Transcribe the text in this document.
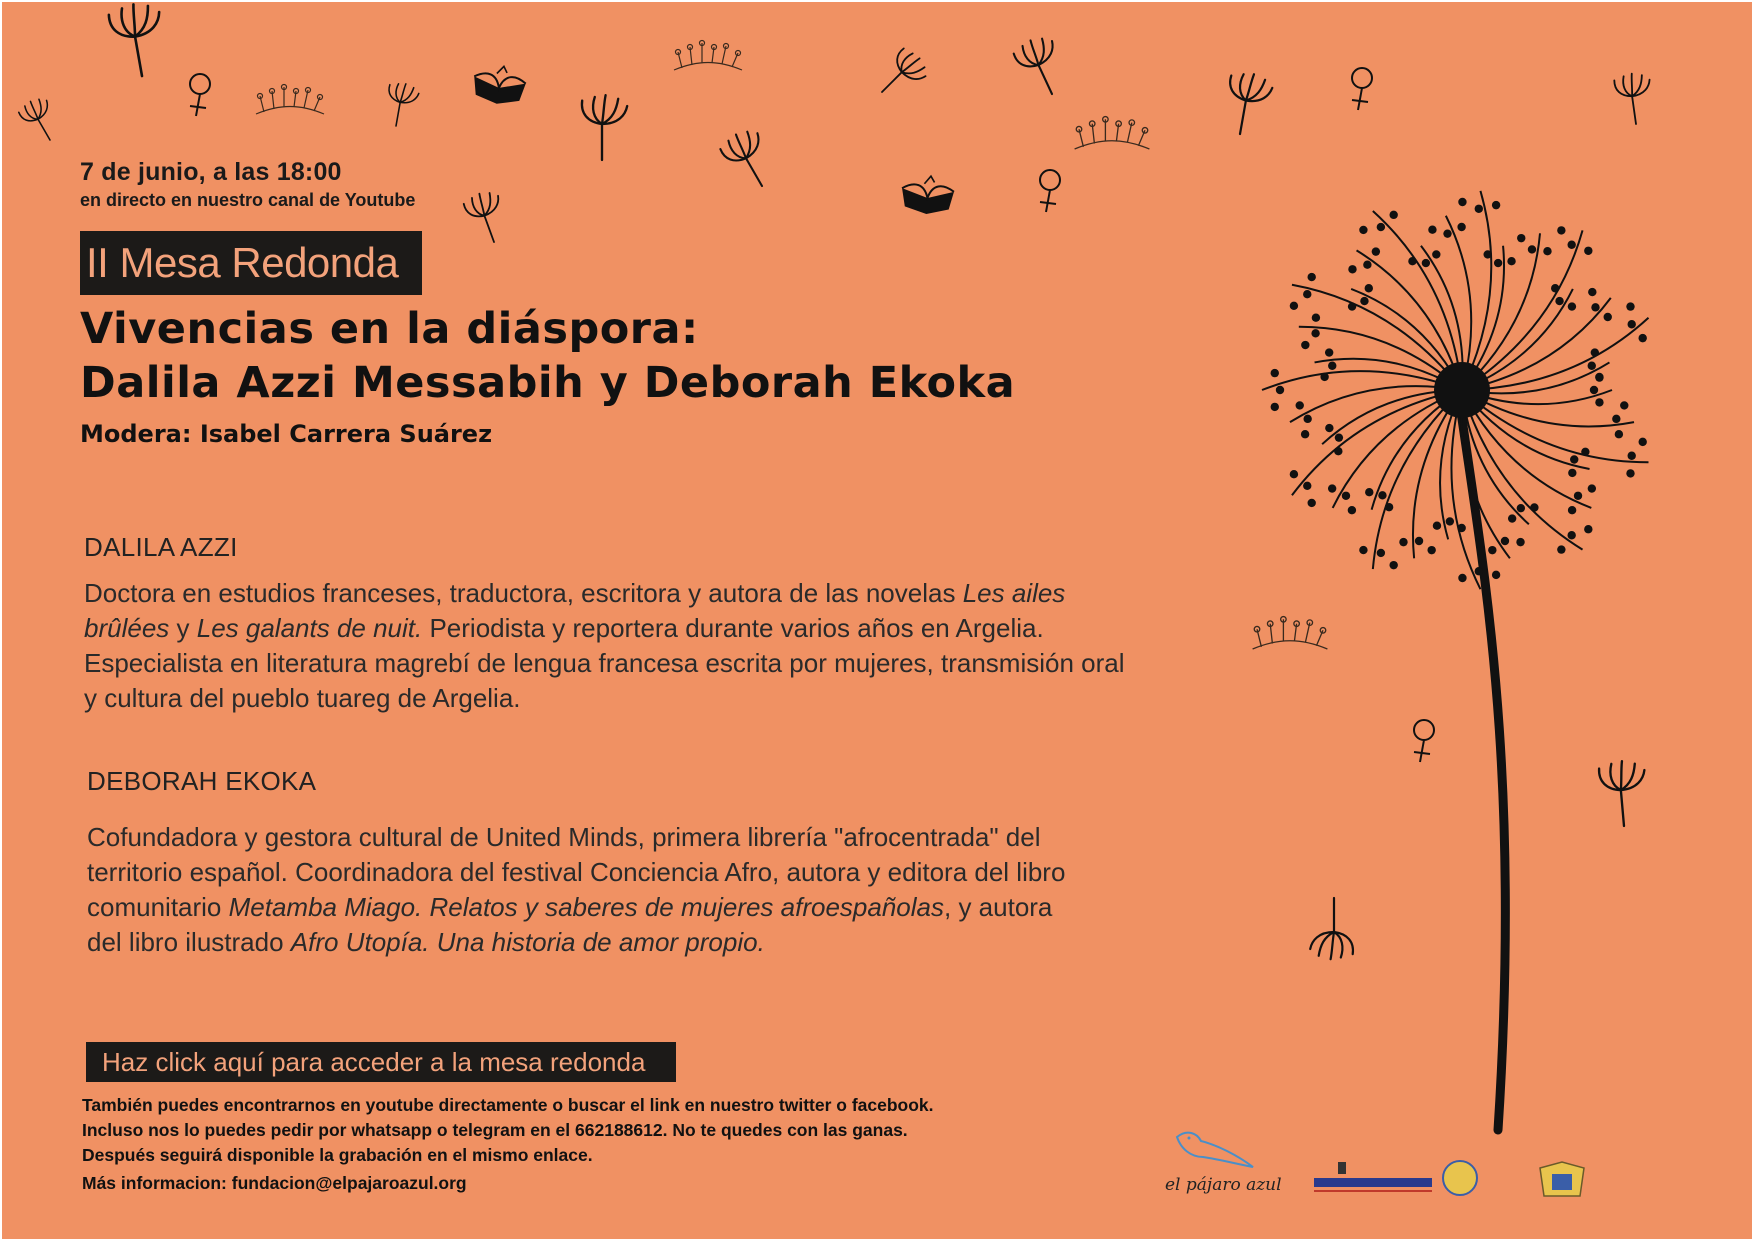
7 de junio, a las 18:00
en directo en nuestro canal de Youtube
II Mesa Redonda
Vivencias en la diáspora:
Dalila Azzi Messabih y Deborah Ekoka
Modera: Isabel Carrera Suárez
DALILA AZZI
Doctora en estudios franceses, traductora, escritora y autora de las novelas Les ailes brûlées y Les galants de nuit. Periodista y reportera durante varios años en Argelia. Especialista en literatura magrebí de lengua francesa escrita por mujeres, transmisión oral y cultura del pueblo tuareg de Argelia.
DEBORAH EKOKA
Cofundadora y gestora cultural de United Minds, primera librería "afrocentrada" del territorio español. Coordinadora del festival Conciencia Afro, autora y editora del libro comunitario Metamba Miago. Relatos y saberes de mujeres afroespañolas, y autora del libro ilustrado Afro Utopía. Una historia de amor propio.
Haz click aquí para acceder a la mesa redonda
También puedes encontrarnos en youtube directamente o buscar el link en nuestro twitter o facebook.
Incluso nos lo puedes pedir por whatsapp o telegram en el 662188612. No te quedes con las ganas.
Después seguirá disponible la grabación en el mismo enlace.
Más informacion: fundacion@elpajaroazul.org	el pájaro azul
